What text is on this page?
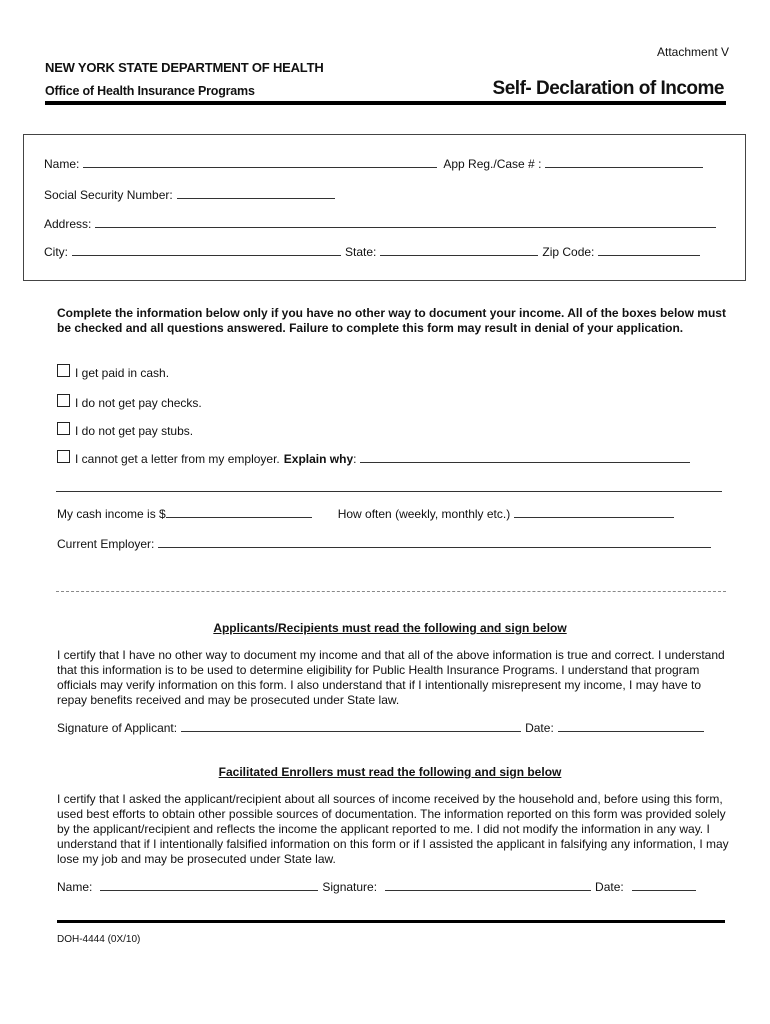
Attachment V
NEW YORK STATE DEPARTMENT OF HEALTH
Office of Health Insurance Programs	Self- Declaration of Income
Name:	App Reg./Case # :
Social Security Number:
Address:
City:	State:	Zip Code:
Complete the information below only if you have no other way to document your income. All of the boxes below must be checked and all questions answered. Failure to complete this form may result in denial of your application.
I get paid in cash.
I do not get pay checks.
I do not get pay stubs.
I cannot get a letter from my employer. Explain why :
My cash income is $	How often (weekly, monthly etc.)
Current Employer:
Applicants/Recipients must read the following and sign below
I certify that I have no other way to document my income and that all of the above information is true and correct. I understand that this information is to be used to determine eligibility for Public Health Insurance Programs. I understand that program officials may verify information on this form. I also understand that if I intentionally misrepresent my income, I may have to repay benefits received and may be prosecuted under State law.
Signature of Applicant:	Date:
Facilitated Enrollers must read the following and sign below
I certify that I asked the applicant/recipient about all sources of income received by the household and, before using this form, used best efforts to obtain other possible sources of documentation. The information reported on this form was provided solely by the applicant/recipient and reflects the income the applicant reported to me. I did not modify the information in any way. I understand that if I intentionally falsified information on this form or if I assisted the applicant in falsifying any information, I may lose my job and may be prosecuted under State law.
Name:	Signature:	Date:
DOH-4444 (0X/10)
